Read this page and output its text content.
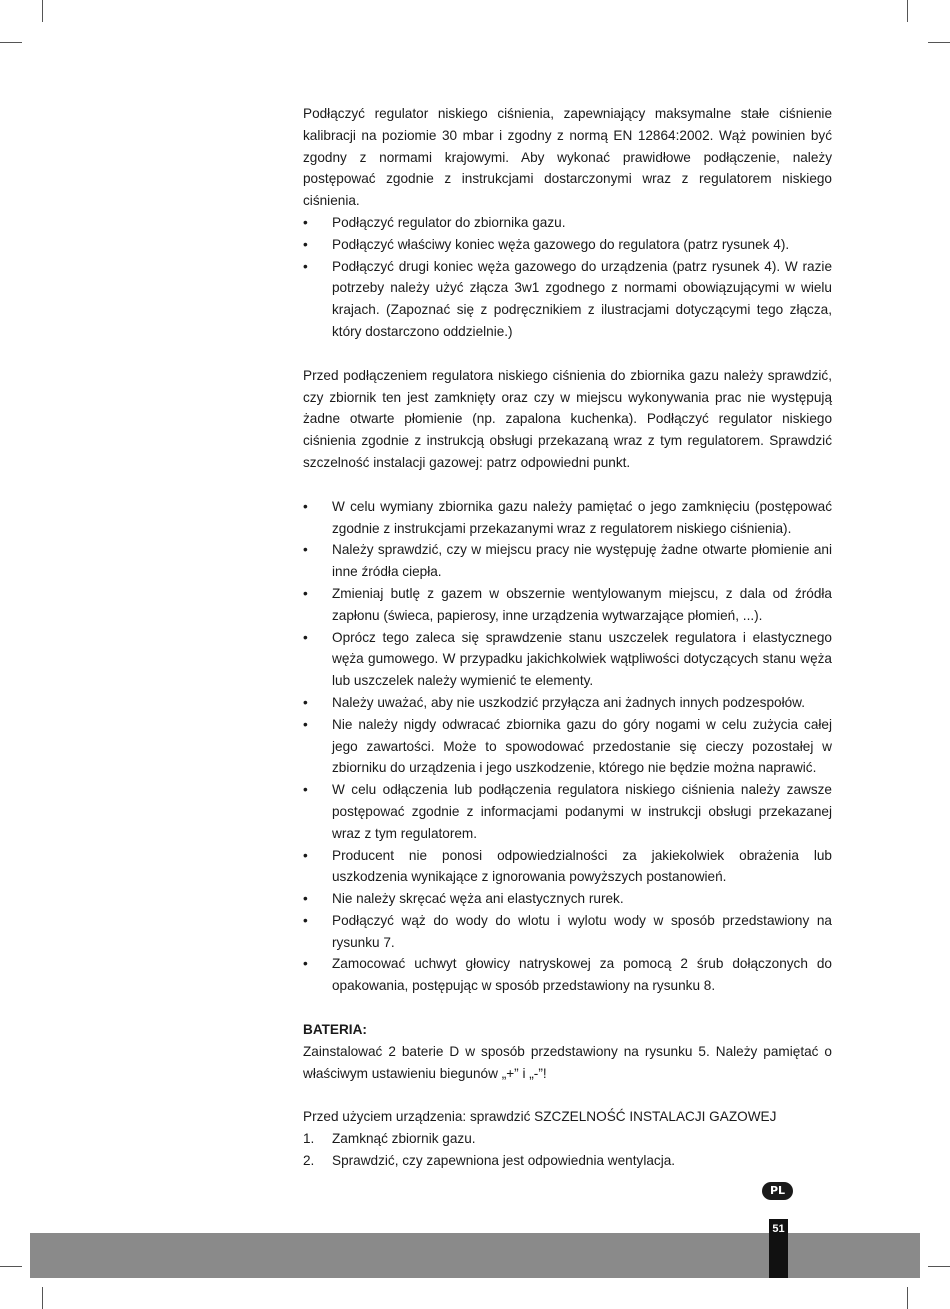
Podłączyć regulator niskiego ciśnienia, zapewniający maksymalne stałe ciśnienie kalibracji na poziomie 30 mbar i zgodny z normą EN 12864:2002. Wąż powinien być zgodny z normami krajowymi. Aby wykonać prawidłowe podłączenie, należy postępować zgodnie z instrukcjami dostarczonymi wraz z regulatorem niskiego ciśnienia.

• Podłączyć regulator do zbiornika gazu.
• Podłączyć właściwy koniec węża gazowego do regulatora (patrz rysunek 4).
• Podłączyć drugi koniec węża gazowego do urządzenia (patrz rysunek 4). W razie potrzeby należy użyć złącza 3w1 zgodnego z normami obowiązującymi w wielu krajach. (Zapoznać się z podręcznikiem z ilustracjami dotyczącymi tego złącza, który dostarczono oddzielnie.)

Przed podłączeniem regulatora niskiego ciśnienia do zbiornika gazu należy sprawdzić, czy zbiornik ten jest zamknięty oraz czy w miejscu wykonywania prac nie występują żadne otwarte płomienie (np. zapalona kuchenka). Podłączyć regulator niskiego ciśnienia zgodnie z instrukcją obsługi przekazaną wraz z tym regulatorem. Sprawdzić szczelność instalacji gazowej: patrz odpowiedni punkt.

• W celu wymiany zbiornika gazu należy pamiętać o jego zamknięciu (postępować zgodnie z instrukcjami przekazanymi wraz z regulatorem niskiego ciśnienia).
• Należy sprawdzić, czy w miejscu pracy nie występuję żadne otwarte płomienie ani inne źródła ciepła.
• Zmieniaj butlę z gazem w obszernie wentylowanym miejscu, z dala od źródła zapłonu (świeca, papierosy, inne urządzenia wytwarzające płomień, ...).
• Oprócz tego zaleca się sprawdzenie stanu uszczelek regulatora i elastycznego węża gumowego. W przypadku jakichkolwiek wątpliwości dotyczących stanu węża lub uszczelek należy wymienić te elementy.
• Należy uważać, aby nie uszkodzić przyłącza ani żadnych innych podzespołów.
• Nie należy nigdy odwracać zbiornika gazu do góry nogami w celu zużycia całej jego zawartości. Może to spowodować przedostanie się cieczy pozostałej w zbiorniku do urządzenia i jego uszkodzenie, którego nie będzie można naprawić.
• W celu odłączenia lub podłączenia regulatora niskiego ciśnienia należy zawsze postępować zgodnie z informacjami podanymi w instrukcji obsługi przekazanej wraz z tym regulatorem.
• Producent nie ponosi odpowiedzialności za jakiekolwiek obrażenia lub uszkodzenia wynikające z ignorowania powyższych postanowień.
• Nie należy skręcać węża ani elastycznych rurek.
• Podłączyć wąż do wody do wlotu i wylotu wody w sposób przedstawiony na rysunku 7.
• Zamocować uchwyt głowicy natryskowej za pomocą 2 śrub dołączonych do opakowania, postępując w sposób przedstawiony na rysunku 8.

BATERIA:

Zainstalować 2 baterie D w sposób przedstawiony na rysunku 5. Należy pamiętać o właściwym ustawieniu biegunów „+” i „-”!

Przed użyciem urządzenia: sprawdzić SZCZELNOŚĆ INSTALACJI GAZOWEJ

1. Zamknąć zbiornik gazu.
2. Sprawdzić, czy zapewniona jest odpowiednia wentylacja.
PL
51
